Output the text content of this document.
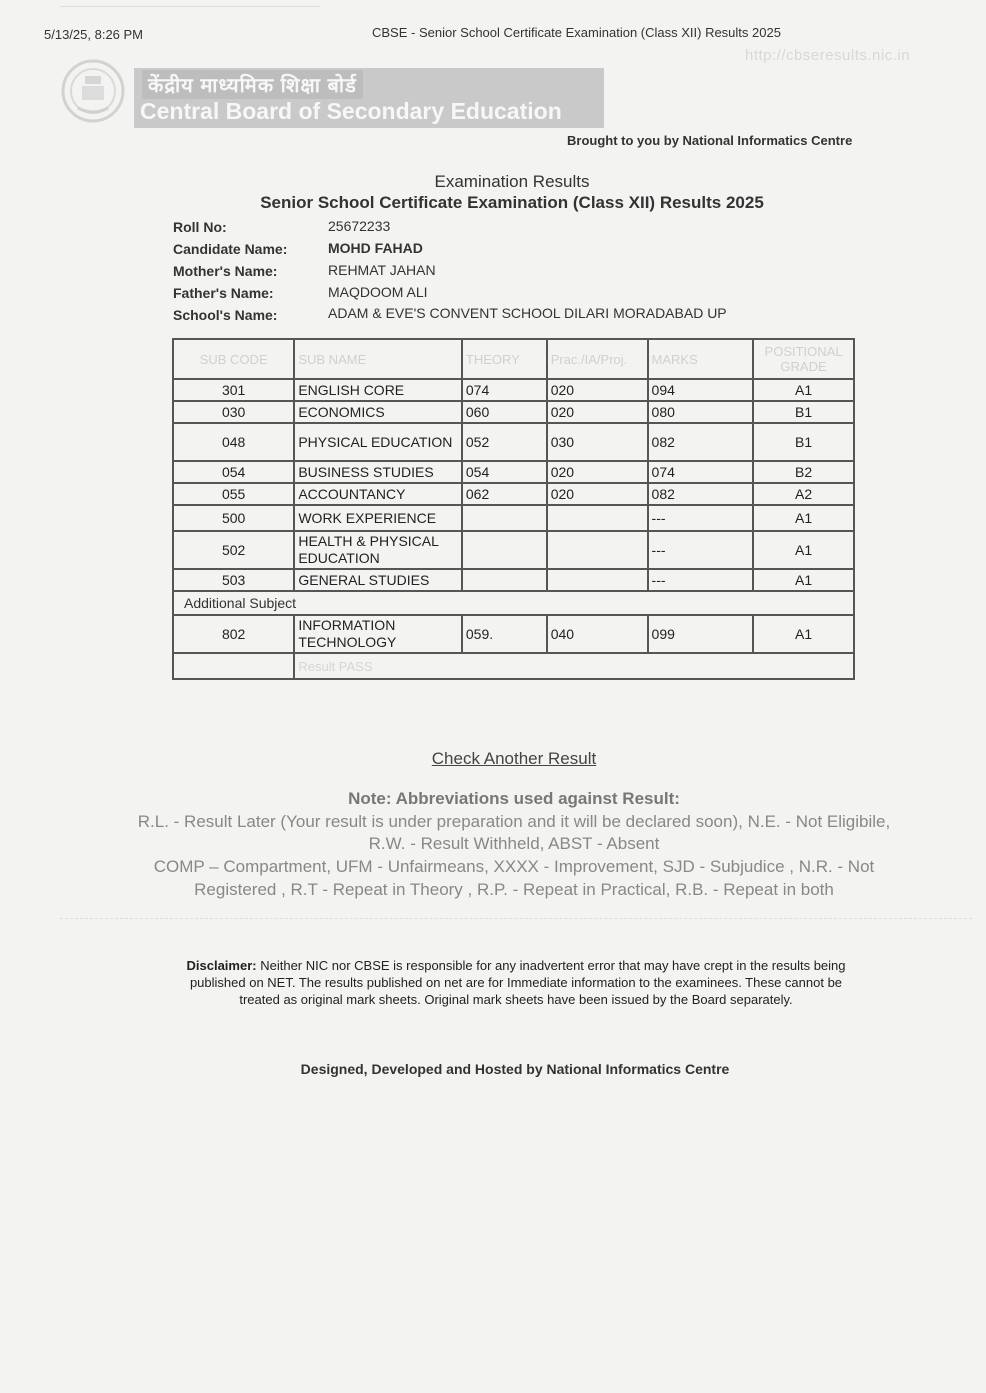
5/13/25, 8:26 PM	CBSE - Senior School Certificate Examination (Class XII) Results 2025
http://cbseresults.nic.in
केंद्रीय माध्यमिक शिक्षा बोर्ड
Central Board of Secondary Education
Brought to you by National Informatics Centre
Examination Results
Senior School Certificate Examination (Class XII) Results 2025
Roll No:	25672233
Candidate Name:	MOHD FAHAD
Mother's Name:	REHMAT JAHAN
Father's Name:	MAQDOOM ALI
School's Name:	ADAM & EVE'S CONVENT SCHOOL DILARI MORADABAD UP
SUB CODE	SUB NAME	THEORY	Prac./IA/Proj.	MARKS	POSITIONAL GRADE
301	ENGLISH CORE	074	020	094	A1
030	ECONOMICS	060	020	080	B1
048	PHYSICAL EDUCATION	052	030	082	B1
054	BUSINESS STUDIES	054	020	074	B2
055	ACCOUNTANCY	062	020	082	A2
500	WORK EXPERIENCE			---	A1
502	HEALTH & PHYSICAL EDUCATION			---	A1
503	GENERAL STUDIES			---	A1
Additional Subject					
802	INFORMATION TECHNOLOGY	059.	040	099	A1
	Result PASS				
Check Another Result
Note: Abbreviations used against Result:
R.L. - Result Later (Your result is under preparation and it will be declared soon), N.E. - Not Eligibile,
R.W. - Result Withheld, ABST - Absent
COMP – Compartment, UFM - Unfairmeans, XXXX - Improvement, SJD - Subjudice , N.R. - Not
Registered , R.T - Repeat in Theory , R.P. - Repeat in Practical, R.B. - Repeat in both
Disclaimer: Neither NIC nor CBSE is responsible for any inadvertent error that may have crept in the results being published on NET. The results published on net are for Immediate information to the examinees. These cannot be treated as original mark sheets. Original mark sheets have been issued by the Board separately.
Designed, Developed and Hosted by National Informatics Centre
